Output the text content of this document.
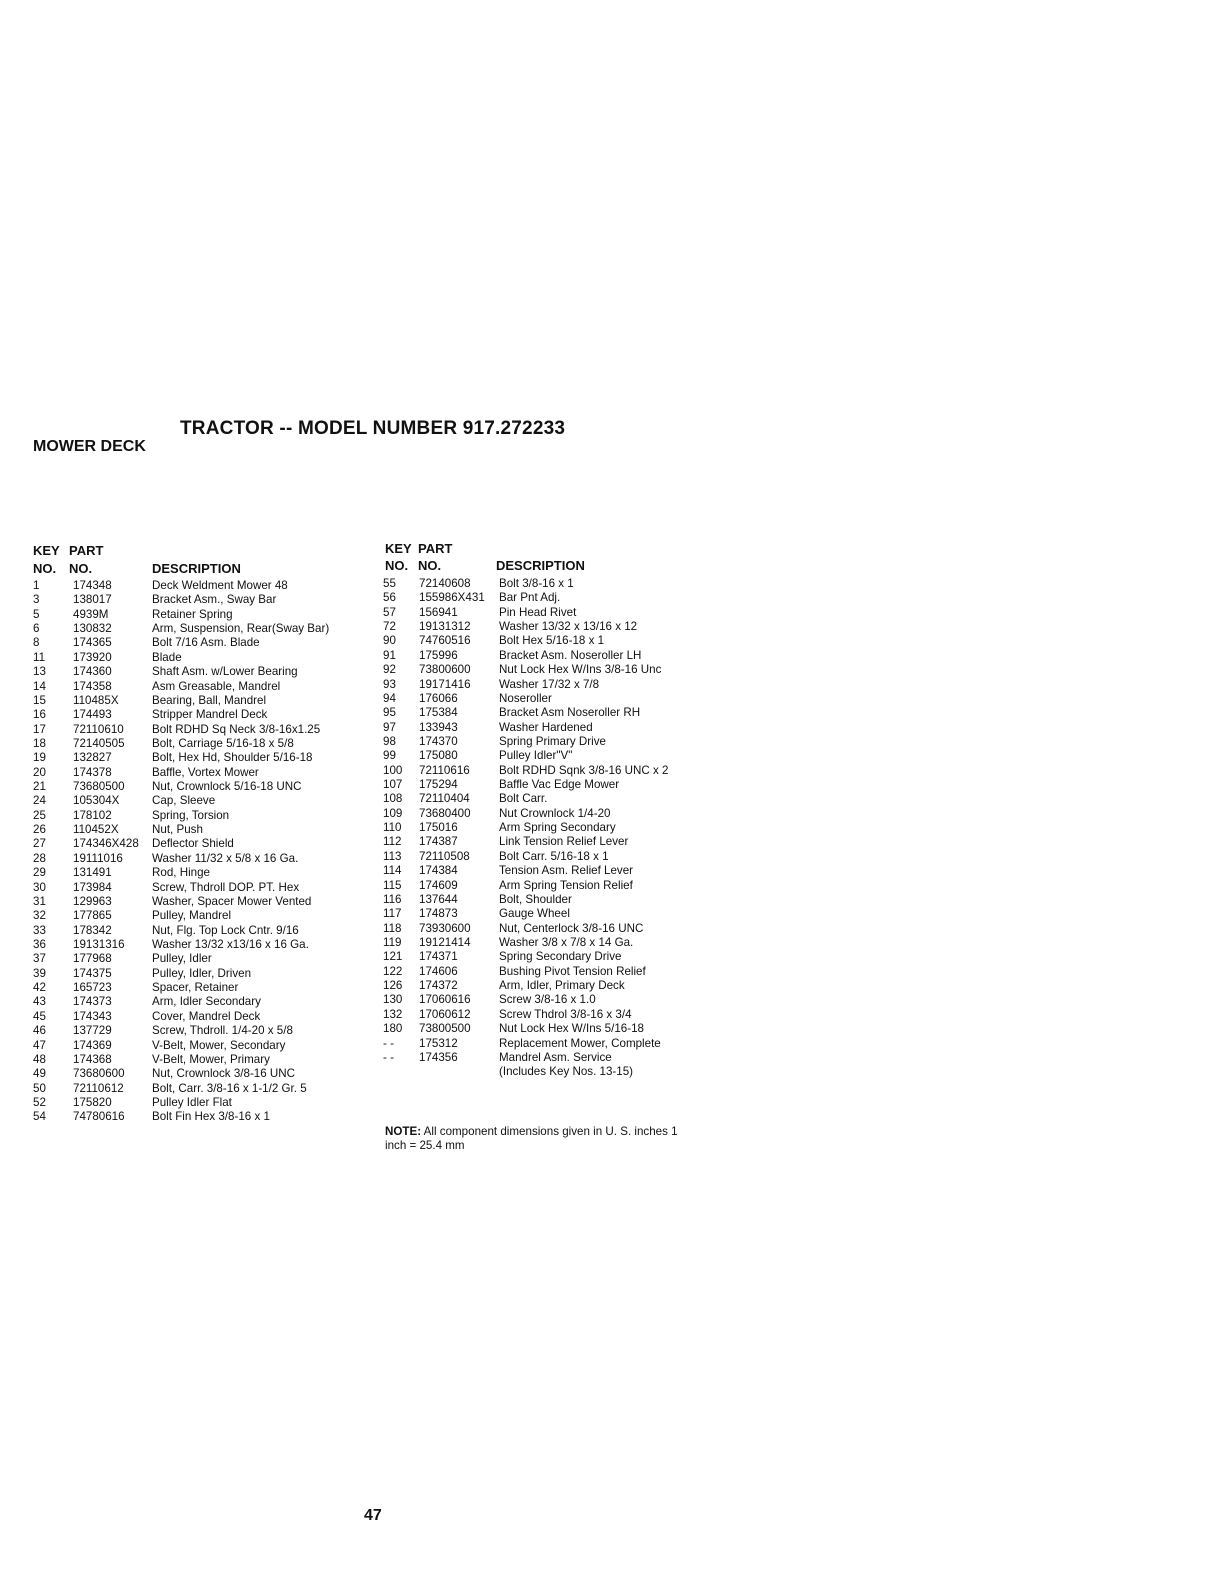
TRACTOR -- MODEL NUMBER 917.272233
MOWER DECK
KEY PART
NO. NO.	DESCRIPTION
KEY PART
NO. NO.	DESCRIPTION
1	174348	Deck Weldment Mower 48
3	138017	Bracket Asm., Sway Bar
5	4939M	Retainer Spring
6	130832	Arm, Suspension, Rear(Sway Bar)
8	174365	Bolt 7/16 Asm. Blade
11 173920	Blade
13 174360	Shaft Asm. w/Lower Bearing
14 174358	Asm Greasable, Mandrel
15 110485X	Bearing, Ball, Mandrel
16 174493	Stripper Mandrel Deck
17 72110610 Bolt RDHD Sq Neck 3/8-16x1.25
18 72140505 Bolt, Carriage 5/16-18 x 5/8
19 132827	Bolt, Hex Hd, Shoulder 5/16-18
20 174378	Baffle, Vortex Mower
21 73680500 Nut, Crownlock 5/16-18 UNC
24 105304X	Cap, Sleeve
25 178102	Spring, Torsion
26 110452X	Nut, Push
27 174346X428 Deflector Shield
28 19111016	Washer 11/32 x 5/8 x 16 Ga.
29 131491	Rod, Hinge
30 173984	Screw, Thdroll DOP. PT. Hex
31 129963	Washer, Spacer Mower Vented
32 177865	Pulley, Mandrel
33 178342	Nut, Flg. Top Lock Cntr. 9/16
36 19131316 Washer 13/32 x13/16 x 16 Ga.
37 177968	Pulley, Idler
39 174375	Pulley, Idler, Driven
42 165723	Spacer, Retainer
43 174373	Arm, Idler Secondary
45 174343	Cover, Mandrel Deck
46 137729	Screw, Thdroll. 1/4-20 x 5/8
47 174369	V-Belt, Mower, Secondary
48 174368	V-Belt, Mower, Primary
49 73680600 Nut, Crownlock 3/8-16 UNC
50 72110612 Bolt, Carr. 3/8-16 x 1-1/2 Gr. 5
52 175820	Pulley Idler Flat
54 74780616 Bolt Fin Hex 3/8-16 x 1
55 72140608 Bolt 3/8-16 x 1
56 155986X431 Bar Pnt Adj.
57 156941	Pin Head Rivet
72 19131312 Washer 13/32 x 13/16 x 12
90 74760516 Bolt Hex 5/16-18 x 1
91 175996	Bracket Asm. Noseroller LH
92 73800600 Nut Lock Hex W/Ins 3/8-16 Unc
93 19171416 Washer 17/32 x 7/8
94 176066	Noseroller
95 175384	Bracket Asm Noseroller RH
97 133943	Washer Hardened
98 174370	Spring Primary Drive
99 175080	Pulley Idler"V"
100 72110616	Bolt RDHD Sqnk 3/8-16 UNC x 2
107 175294	Baffle Vac Edge Mower
108 72110404	Bolt Carr.
109 73680400 Nut Crownlock 1/4-20
110 175016	Arm Spring Secondary
112 174387	Link Tension Relief Lever
113 72110508	Bolt Carr. 5/16-18 x 1
114 174384	Tension Asm. Relief Lever
115 174609	Arm Spring Tension Relief
116 137644	Bolt, Shoulder
117 174873	Gauge Wheel
118 73930600 Nut, Centerlock 3/8-16 UNC
119 19121414 Washer 3/8 x 7/8 x 14 Ga.
121 174371	Spring Secondary Drive
122 174606	Bushing Pivot Tension Relief
126 174372	Arm, Idler, Primary Deck
130 17060616 Screw 3/8-16 x 1.0
132 17060612 Screw Thdrol 3/8-16 x 3/4
180 73800500 Nut Lock Hex W/Ins 5/16-18
- - 175312	Replacement Mower, Complete
- - 174356	Mandrel Asm. Service
(Includes Key Nos. 13-15)
NOTE: All component dimensions given in U. S. inches 1 inch = 25.4 mm
47
